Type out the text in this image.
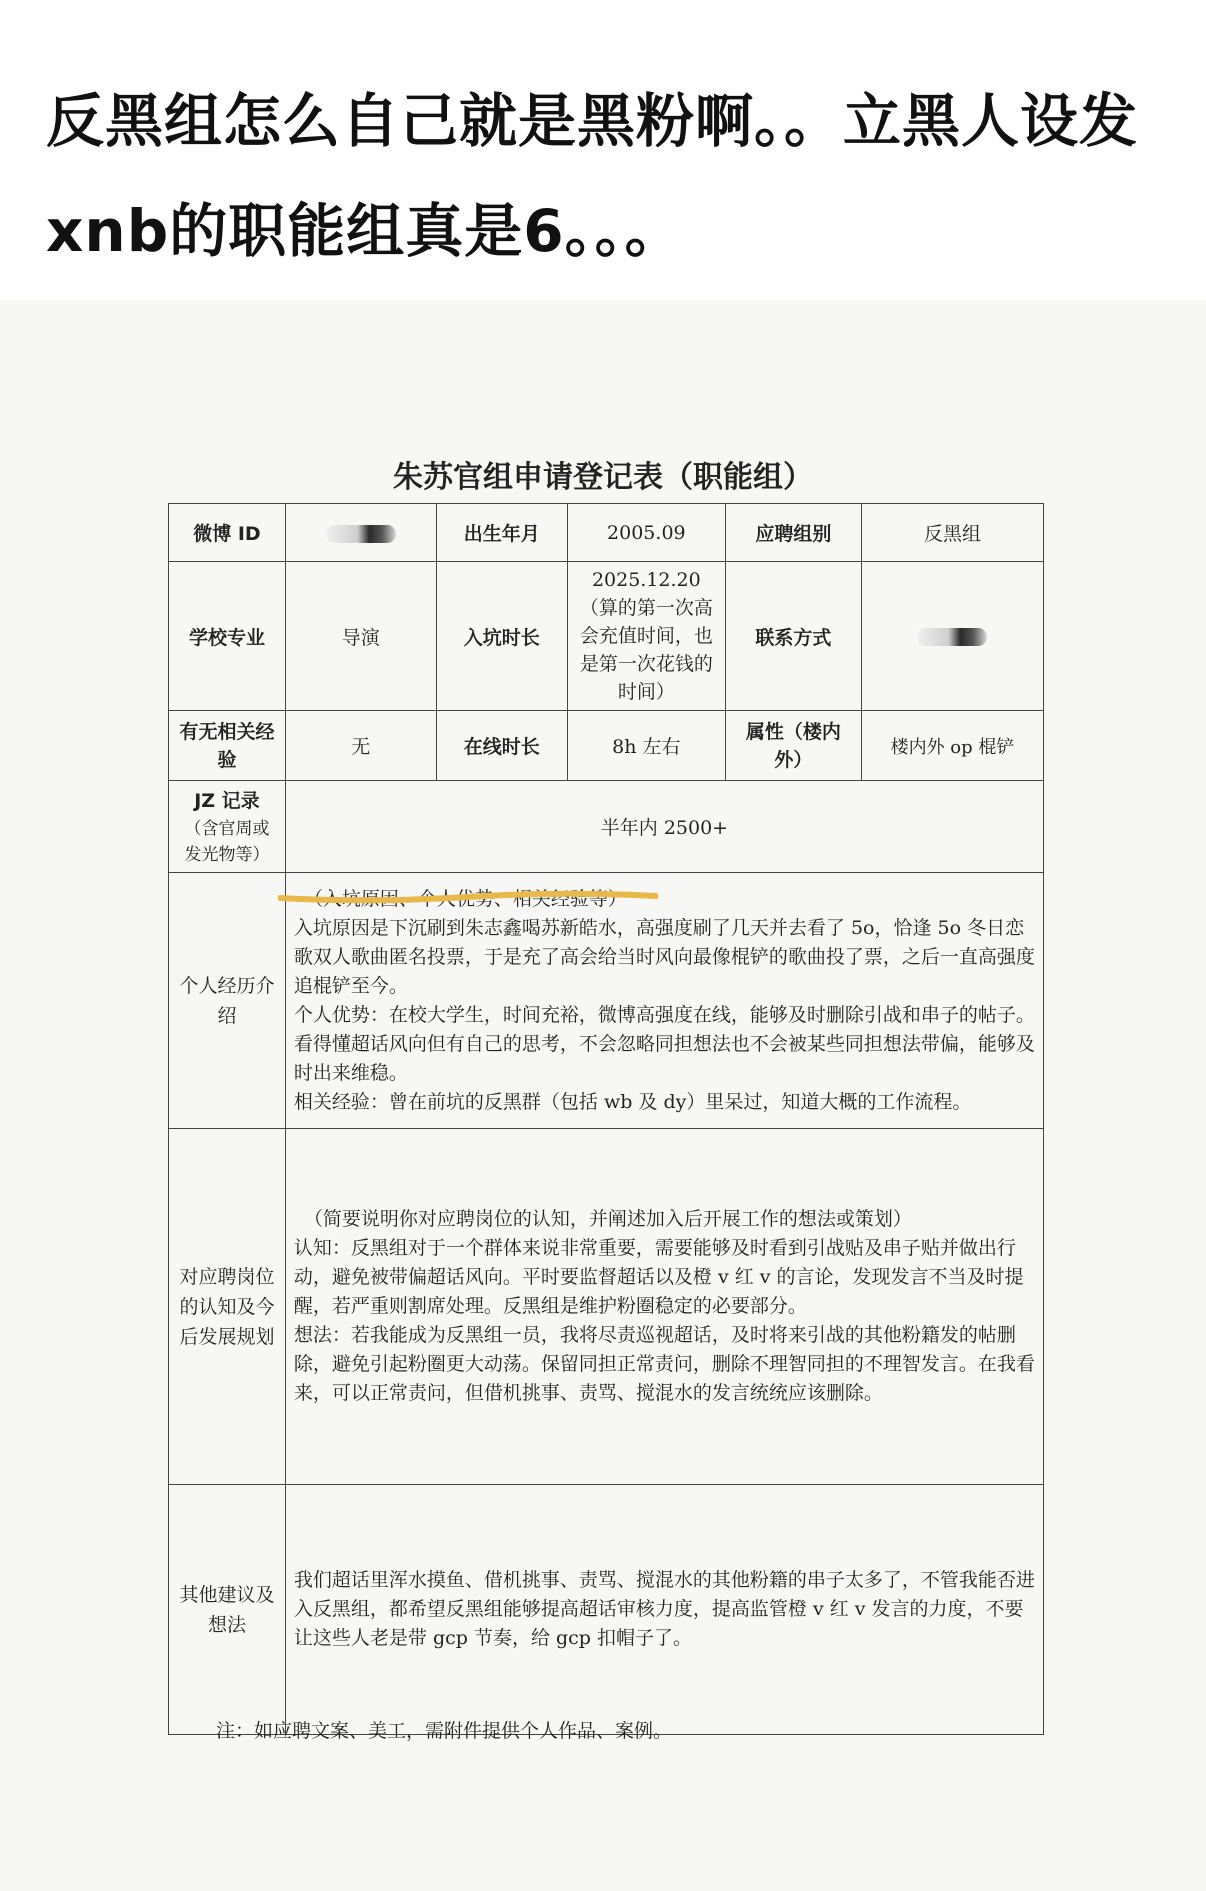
反黑组怎么自己就是黑粉啊。。立黑人设发xnb的职能组真是6。。。
朱苏官组申请登记表（职能组）
微博 ID		出生年月	2005.09	应聘组别	反黑组
学校专业	导演	入坑时长	2025.12.20（算的第一次高会充值时间，也是第一次花钱的时间）	联系方式	
有无相关经验	无	在线时长	8h 左右	属性（楼内外）	楼内外 op 棍铲

JZ 记录
（含官周或发光物等）	半年内 2500+				
个人经历介绍	（入坑原因、个人优势、相关经验等）
入坑原因是下沉刷到朱志鑫喝苏新皓水，高强度刷了几天并去看了 5o，恰逢 5o 冬日恋歌双人歌曲匿名投票，于是充了高会给当时风向最像棍铲的歌曲投了票，之后一直高强度追棍铲至今。
个人优势：在校大学生，时间充裕，微博高强度在线，能够及时删除引战和串子的帖子。看得懂超话风向但有自己的思考，不会忽略同担想法也不会被某些同担想法带偏，能够及时出来维稳。
相关经验：曾在前坑的反黑群（包括 wb 及 dy）里呆过，知道大概的工作流程。				

对应聘岗位的认知及今后发展规划	（简要说明你对应聘岗位的认知，并阐述加入后开展工作的想法或策划）
认知：反黑组对于一个群体来说非常重要，需要能够及时看到引战贴及串子贴并做出行动，避免被带偏超话风向。平时要监督超话以及橙 v 红 v 的言论，发现发言不当及时提醒，若严重则割席处理。反黑组是维护粉圈稳定的必要部分。
想法：若我能成为反黑组一员，我将尽责巡视超话，及时将来引战的其他粉籍发的帖删除，避免引起粉圈更大动荡。保留同担正常责问，删除不理智同担的不理智发言。在我看来，可以正常责问，但借机挑事、责骂、搅混水的发言统统应该删除。				

其他建议及想法	我们超话里浑水摸鱼、借机挑事、责骂、搅混水的其他粉籍的串子太多了，不管我能否进入反黑组，都希望反黑组能够提高超话审核力度，提高监管橙 v 红 v 发言的力度，不要让这些人老是带 gcp 节奏，给 gcp 扣帽子了。				
注：如应聘文案、美工，需附件提供个人作品、案例。
